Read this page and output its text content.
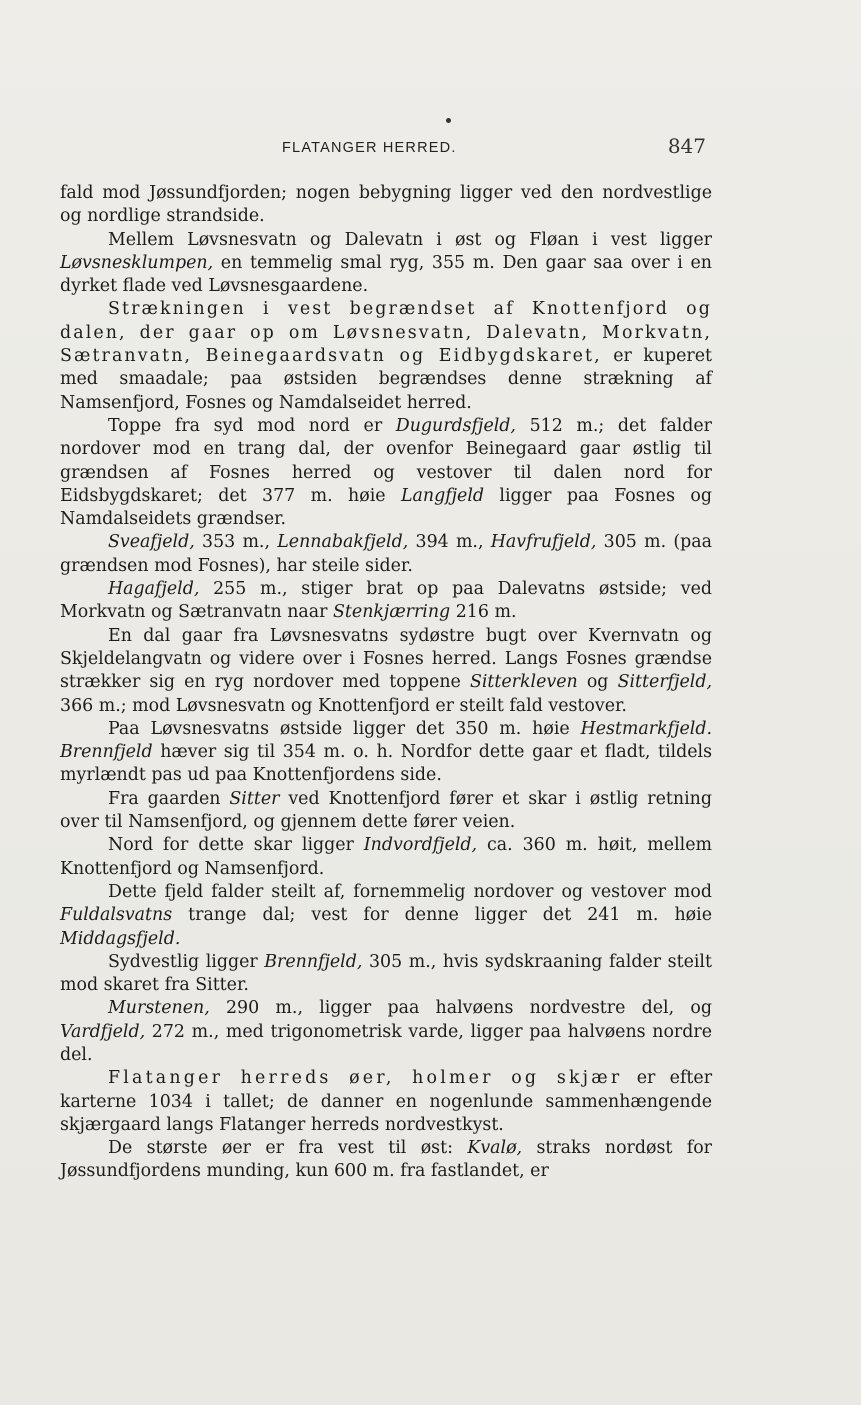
FLATANGER HERRED.	847

fald mod Jøssundfjorden; nogen bebygning ligger ved den nordvestlige og nordlige strandside.

Mellem Løvsnesvatn og Dalevatn i øst og Fløan i vest ligger Løvsnesklumpen, en temmelig smal ryg, 355 m. Den gaar saa over i en dyrket flade ved Løvsnesgaardene.

Strækningen i vest begrændset af Knottenfjord og dalen, der gaar op om Løvsnesvatn, Dalevatn, Morkvatn, Sætranvatn, Beinegaardsvatn og Eidbygdskaret, er kuperet med smaadale; paa østsiden begrændses denne strækning af Namsenfjord, Fosnes og Namdalseidet herred.

Toppe fra syd mod nord er Dugurdsfjeld, 512 m.; det falder nordover mod en trang dal, der ovenfor Beinegaard gaar østlig til grændsen af Fosnes herred og vestover til dalen nord for Eidsbygdskaret; det 377 m. høie Langfjeld ligger paa Fosnes og Namdalseidets grændser.

Sveafjeld, 353 m., Lennabakfjeld, 394 m., Havfrufjeld, 305 m. (paa grændsen mod Fosnes), har steile sider.

Hagafjeld, 255 m., stiger brat op paa Dalevatns østside; ved Morkvatn og Sætranvatn naar Stenkjærring 216 m.

En dal gaar fra Løvsnesvatns sydøstre bugt over Kvernvatn og Skjeldelangvatn og videre over i Fosnes herred. Langs Fosnes grændse strækker sig en ryg nordover med toppene Sitterkleven og Sitterfjeld, 366 m.; mod Løvsnesvatn og Knottenfjord er steilt fald vestover.

Paa Løvsnesvatns østside ligger det 350 m. høie Hestmarkfjeld. Brennfjeld hæver sig til 354 m. o. h. Nordfor dette gaar et fladt, tildels myrlændt pas ud paa Knottenfjordens side.

Fra gaarden Sitter ved Knottenfjord fører et skar i østlig retning over til Namsenfjord, og gjennem dette fører veien.

Nord for dette skar ligger Indvordfjeld, ca. 360 m. høit, mellem Knottenfjord og Namsenfjord.

Dette fjeld falder steilt af, fornemmelig nordover og vestover mod Fuldalsvatns trange dal; vest for denne ligger det 241 m. høie Middagsfjeld.

Sydvestlig ligger Brennfjeld, 305 m., hvis sydskraaning falder steilt mod skaret fra Sitter.

Murstenen, 290 m., ligger paa halvøens nordvestre del, og Vardfjeld, 272 m., med trigonometrisk varde, ligger paa halvøens nordre del.

Flatanger herreds øer, holmer og skjær er efter karterne 1034 i tallet; de danner en nogenlunde sammenhængende skjærgaard langs Flatanger herreds nordvestkyst.

De største øer er fra vest til øst: Kvalø, straks nordøst for Jøssundfjordens munding, kun 600 m. fra fastlandet, er
